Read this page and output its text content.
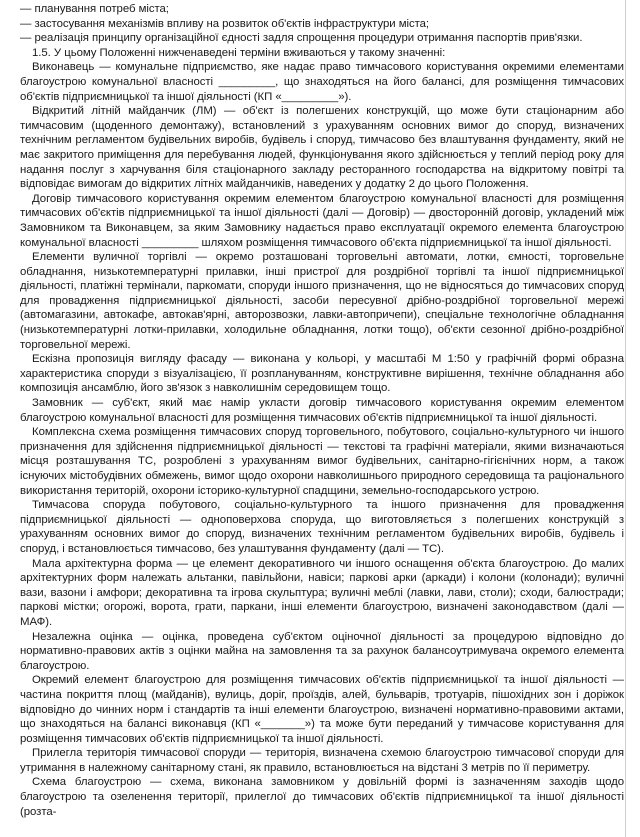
— планування потреб міста;

— застосування механізмів впливу на розвиток об'єктів інфраструктури міста;

— реалізація принципу організаційної єдності задля спрощення процедури отримання паспортів прив'язки.

1.5. У цьому Положенні нижченаведені терміни вживаються у такому значенні:

Виконавець — комунальне підприємство, яке надає право тимчасового користування окремими елементами благоустрою комунальної власності _________, що знаходяться на його балансі, для розміщення тимчасових об'єктів підприємницької та іншої діяльності (КП «_________»).

Відкритий літній майданчик (ЛМ) — об'єкт із полегшених конструкцій, що може бути стаціонарним або тимчасовим (щоденного демонтажу), встановлений з урахуванням основних вимог до споруд, визначених технічним регламентом будівельних виробів, будівель і споруд, тимчасово без влаштування фундаменту, який не має закритого приміщення для перебування людей, функціонування якого здійснюється у теплий період року для надання послуг з харчування біля стаціонарного закладу ресторанного господарства на відкритому повітрі та відповідає вимогам до відкритих літніх майданчиків, наведених у додатку 2 до цього Положення.

Договір тимчасового користування окремим елементом благоустрою комунальної власності для розміщення тимчасових об'єктів підприємницької та іншої діяльності (далі — Договір) — двосторонній договір, укладений між Замовником та Виконавцем, за яким Замовнику надається право експлуатації окремого елемента благоустрою комунальної власності _________ шляхом розміщення тимчасового об'єкта підприємницької та іншої діяльності.

Елементи вуличної торгівлі — окремо розташовані торговельні автомати, лотки, ємності, торговельне обладнання, низькотемпературні прилавки, інші пристрої для роздрібної торгівлі та іншої підприємницької діяльності, платіжні термінали, паркомати, споруди іншого призначення, що не відносяться до тимчасових споруд для провадження підприємницької діяльності, засоби пересувної дрібно-роздрібної торговельної мережі (автомагазини, автокафе, автокав'ярні, авторозвозки, лавки-автопричепи), спеціальне технологічне обладнання (низькотемпературні лотки-прилавки, холодильне обладнання, лотки тощо), об'єкти сезонної дрібно-роздрібної торговельної мережі.

Ескізна пропозиція вигляду фасаду — виконана у кольорі, у масштабі М 1:50 у графічній формі образна характеристика споруди з візуалізацією, її розплануванням, конструктивне вирішення, технічне обладнання або композиція ансамблю, його зв'язок з навколишнім середовищем тощо.

Замовник — суб'єкт, який має намір укласти договір тимчасового користування окремим елементом благоустрою комунальної власності для розміщення тимчасових об'єктів підприємницької та іншої діяльності.

Комплексна схема розміщення тимчасових споруд торговельного, побутового, соціально-культурного чи іншого призначення для здійснення підприємницької діяльності — текстові та графічні матеріали, якими визначаються місця розташування ТС, розроблені з урахуванням вимог будівельних, санітарно-гігієнічних норм, а також існуючих містобудівних обмежень, вимог щодо охорони навколишнього природного середовища та раціонального використання територій, охорони історико-культурної спадщини, земельно-господарського устрою.

Тимчасова споруда побутового, соціально-культурного та іншого призначення для провадження підприємницької діяльності — одноповерхова споруда, що виготовляється з полегшених конструкцій з урахуванням основних вимог до споруд, визначених технічним регламентом будівельних виробів, будівель і споруд, і встановлюється тимчасово, без улаштування фундаменту (далі — ТС).

Мала архітектурна форма — це елемент декоративного чи іншого оснащення об'єкта благоустрою. До малих архітектурних форм належать альтанки, павільйони, навіси; паркові арки (аркади) і колони (колонади); вуличні вази, вазони і амфори; декоративна та ігрова скульптура; вуличні меблі (лавки, лави, столи); сходи, балюстради; паркові містки; огорожі, ворота, грати, паркани, інші елементи благоустрою, визначені законодавством (далі — МАФ).

Незалежна оцінка — оцінка, проведена суб'єктом оціночної діяльності за процедурою відповідно до нормативно-правових актів з оцінки майна на замовлення та за рахунок балансоутримувача окремого елемента благоустрою.

Окремий елемент благоустрою для розміщення тимчасових об'єктів підприємницької та іншої діяльності — частина покриття площ (майданів), вулиць, доріг, проїздів, алей, бульварів, тротуарів, пішохідних зон і доріжок відповідно до чинних норм і стандартів та інші елементи благоустрою, визначені нормативно-правовими актами, що знаходяться на балансі виконавця (КП «_______») та може бути переданий у тимчасове користування для розміщення тимчасових об'єктів підприємницької та іншої діяльності.

Прилегла територія тимчасової споруди — територія, визначена схемою благоустрою тимчасової споруди для утримання в належному санітарному стані, як правило, встановлюється на відстані 3 метрів по її периметру.

Схема благоустрою — схема, виконана замовником у довільній формі із зазначенням заходів щодо благоустрою та озеленення території, прилеглої до тимчасових об'єктів підприємницької та іншої діяльності (розта-
